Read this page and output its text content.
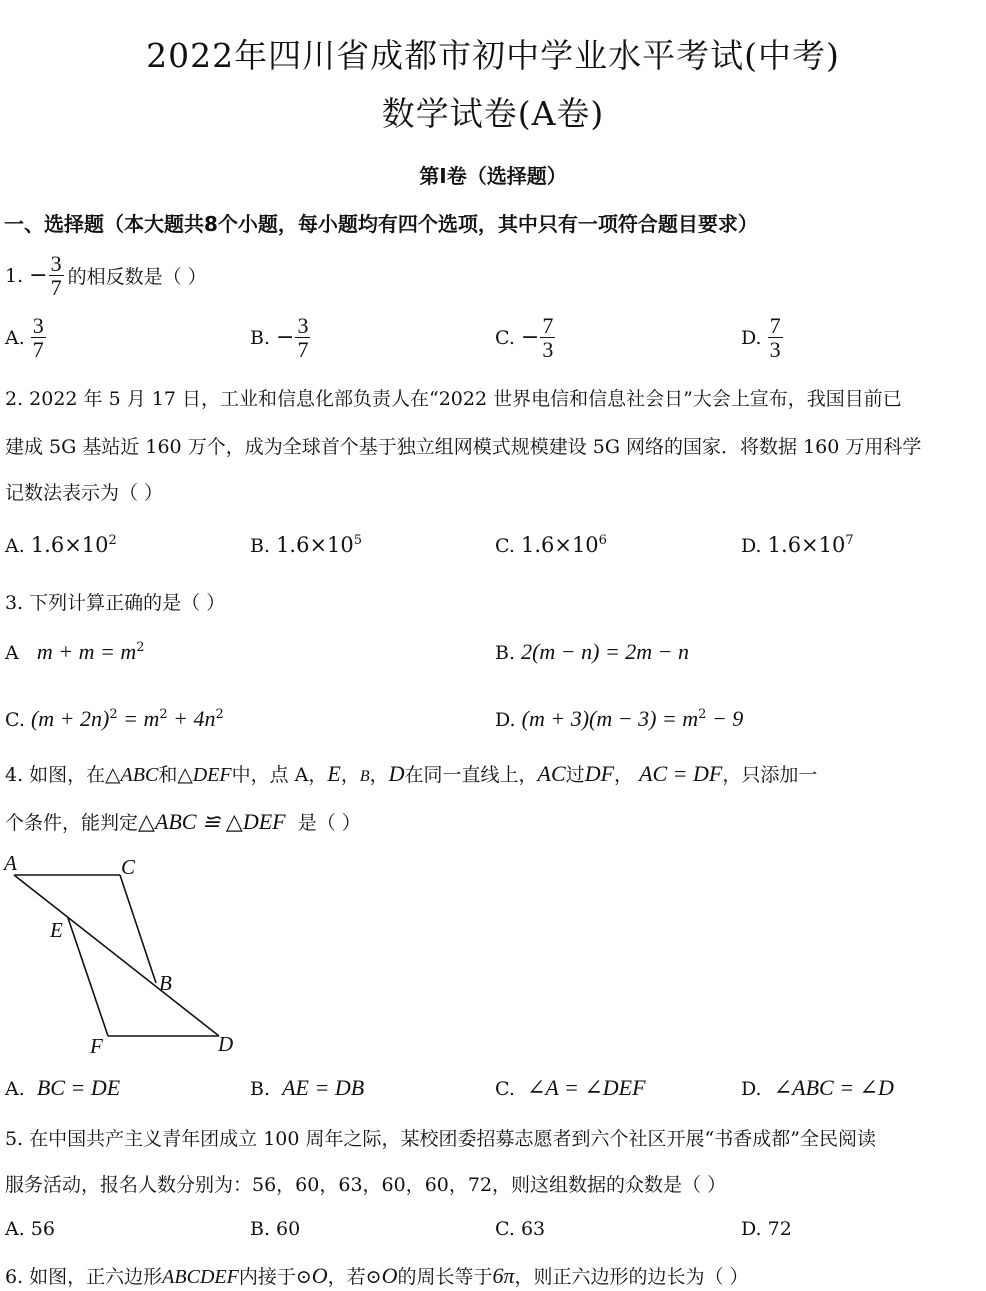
2022年四川省成都市初中学业水平考试(中考)
数学试卷(A卷)
第Ⅰ卷（选择题）
一、选择题（本大题共8个小题，每小题均有四个选项，其中只有一项符合题目要求）
1. − $\frac{3}{7}$ 的相反数是（ ）
A. $\frac{3}{7}$	B. − $\frac{3}{7}$	C. − $\frac{7}{3}$	D. $\frac{7}{3}$
2. 2022 年 5 月 17 日，工业和信息化部负责人在“2022 世界电信和信息社会日”大会上宣布，我国目前已
建成 5G 基站近 160 万个，成为全球首个基于独立组网模式规模建设 5G 网络的国家．将数据 160 万用科学
记数法表示为（ ）
A. $1.6\times 10^2$	B. $1.6\times 10^5$	C. $1.6\times 10^6$	D. $1.6\times 10^7$
3. 下列计算正确的是（ ）
A $m + m = m^2$	B. 2(m − n) = 2m − n
C. $(m + 2n)^2 = m^2 + 4n^2$	D. $(m + 3)(m - 3) = m^2 - 9$
4. 如图，在△ABC和△DEF中，点 A，E，B，D在同一直线上，AC过DF， AC = DF，只添加一
个条件，能判定△ABC ≌ △DEF 是（ ）
A	C
E
B
F	D
A. BC = DE	B. AE = DB	C. ∠A = ∠DEF	D. ∠ABC = ∠D
5. 在中国共产主义青年团成立 100 周年之际，某校团委招募志愿者到六个社区开展“书香成都”全民阅读
服务活动，报名人数分别为：56，60，63，60，60，72，则这组数据的众数是（ ）
A. 56	B. 60	C. 63	D. 72
6. 如图，正六边形ABCDEF内接于⊙O，若⊙O的周长等于6π，则正六边形的边长为（ ）
